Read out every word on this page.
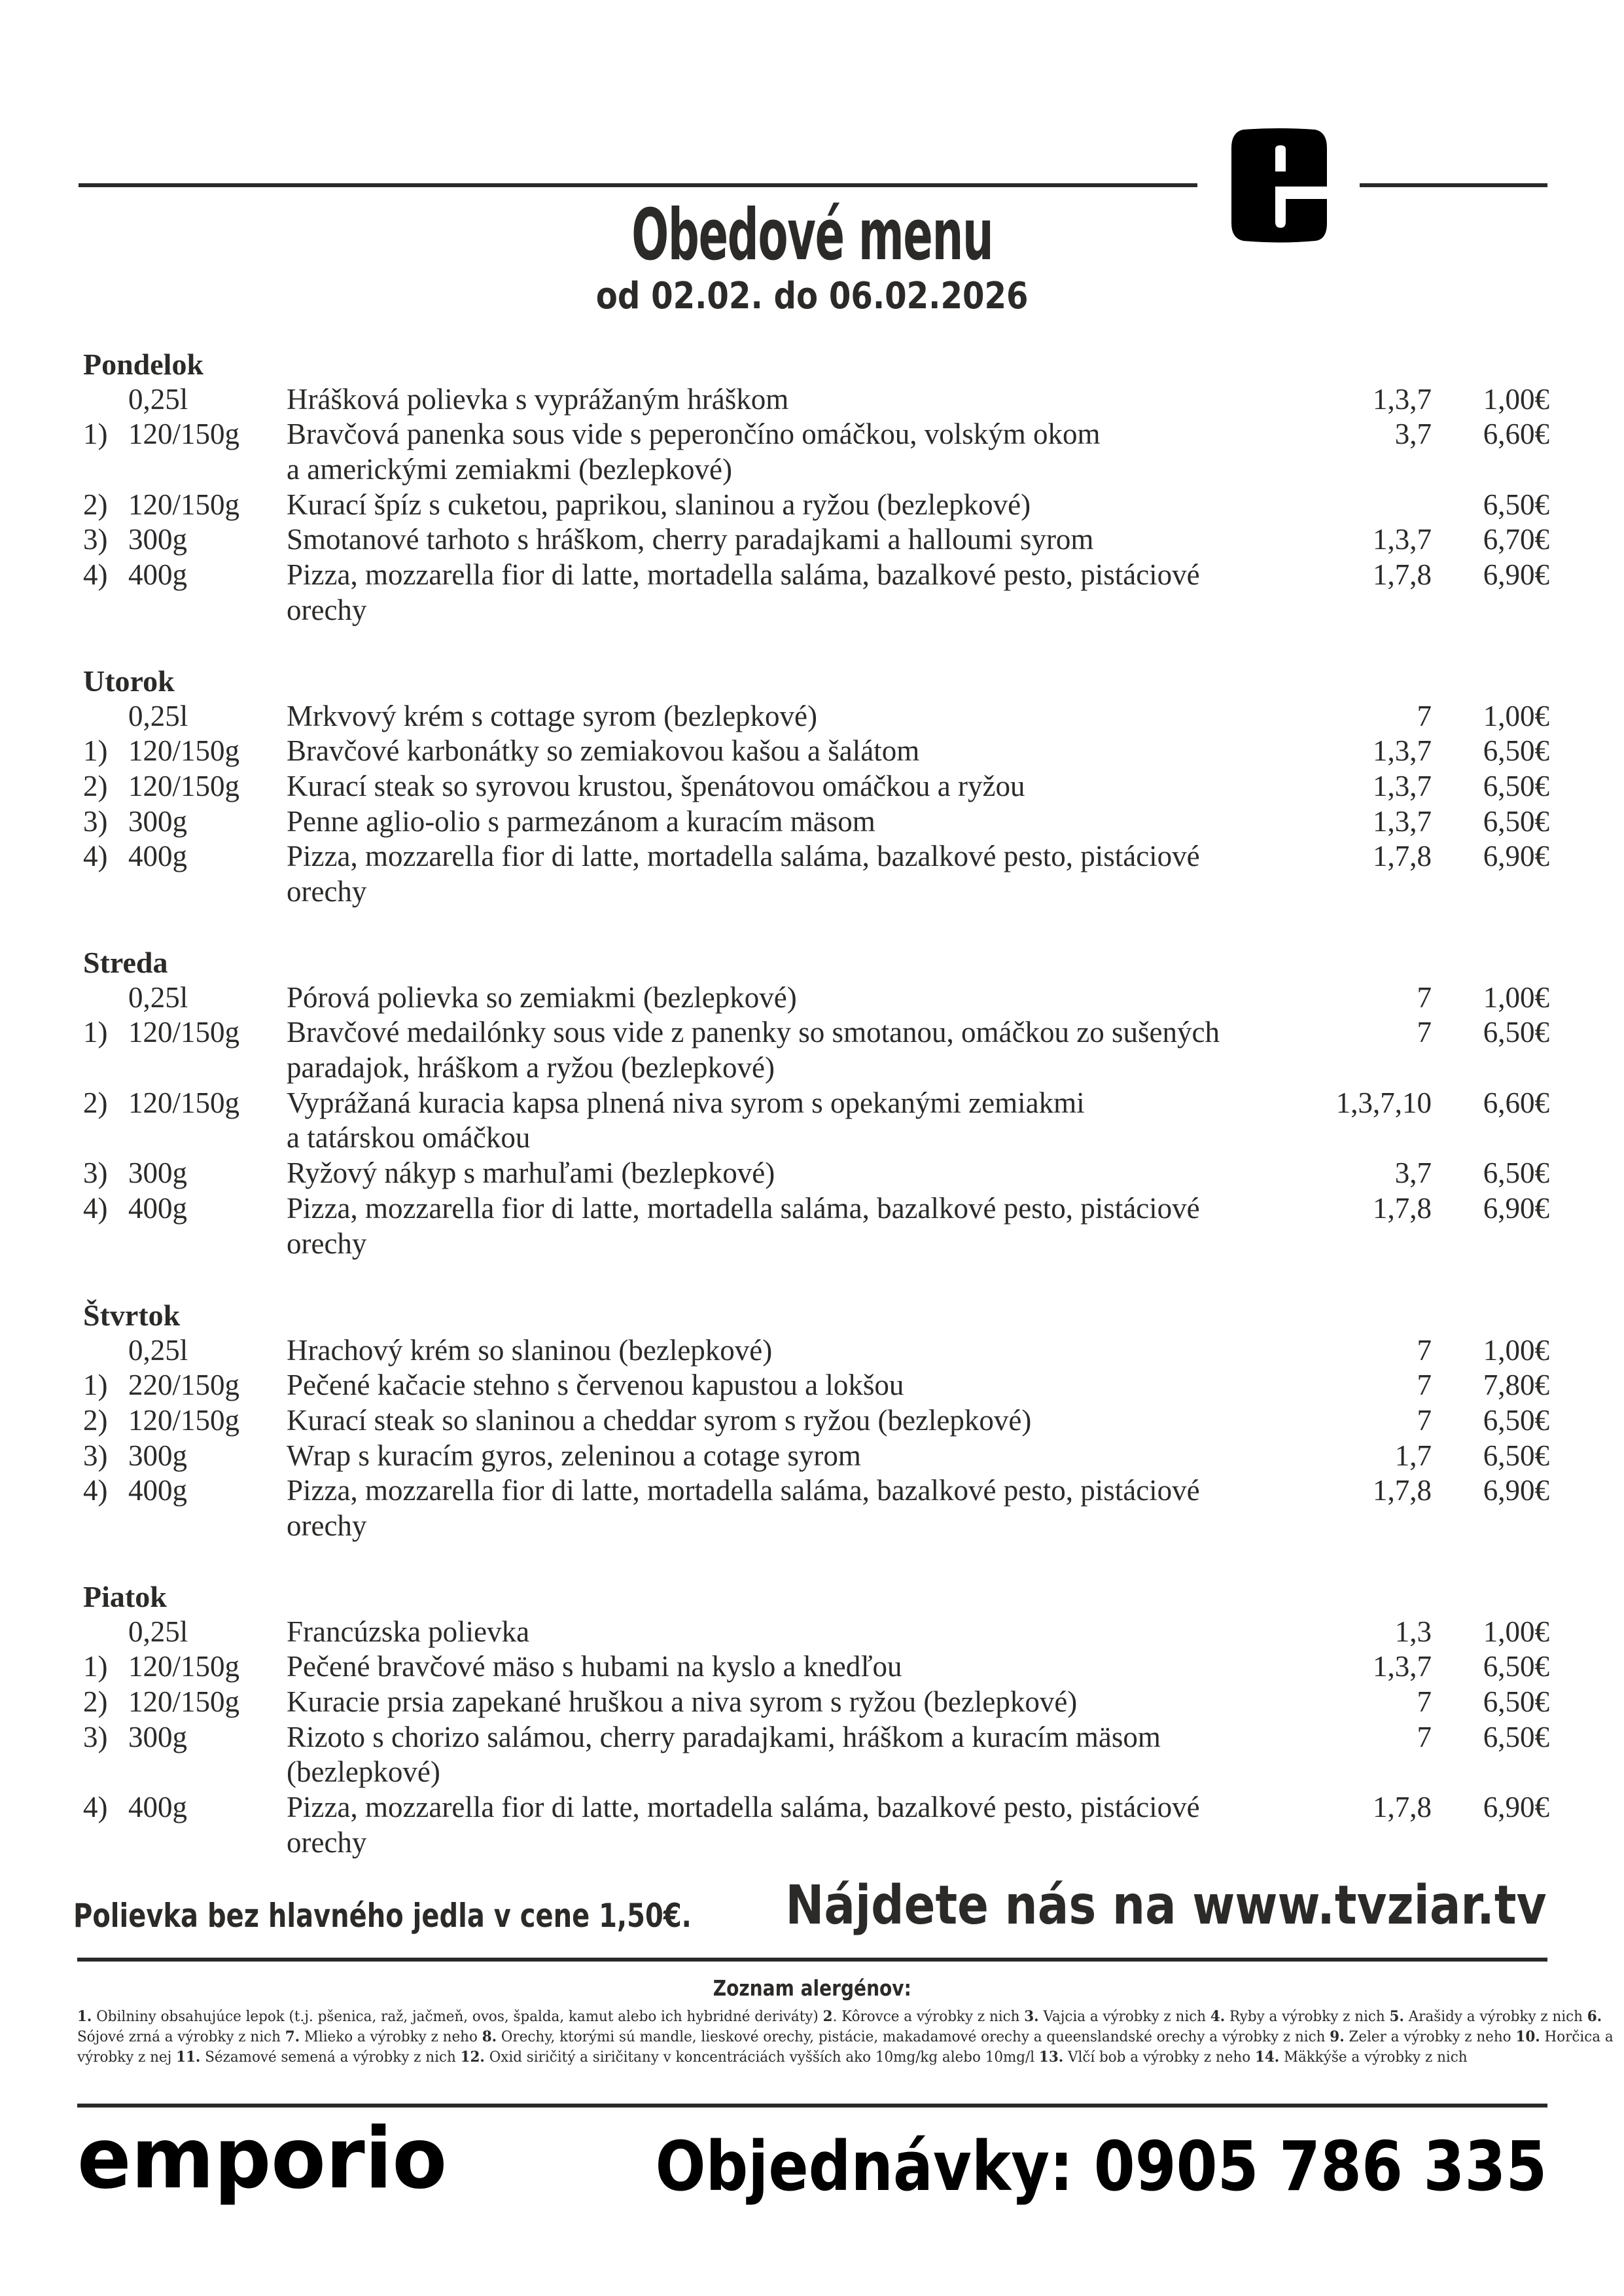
Obedové menu
od 02.02. do 06.02.2026
Pondelok
0,25l	Hrášková polievka s vyprážaným hráškom	1,3,7 1,00€
1) 120/150g Bravčová panenka sous vide s peperončíno omáčkou, volským okom
a americkými zemiakmi (bezlepkové)
3,7 6,60€
2) 120/150g Kurací špíz s cuketou, paprikou, slaninou a ryžou (bezlepkové)	6,50€
3) 300g	Smotanové tarhoto s hráškom, cherry paradajkami a halloumi syrom	1,3,7 6,70€
4) 400g	Pizza, mozzarella fior di latte, mortadella saláma, bazalkové pesto, pistáciové
orechy
1,7,8 6,90€
Utorok
0,25l	Mrkvový krém s cottage syrom (bezlepkové)	7 1,00€
1) 120/150g Bravčové karbonátky so zemiakovou kašou a šalátom	1,3,7 6,50€
2) 120/150g Kurací steak so syrovou krustou, špenátovou omáčkou a ryžou	1,3,7 6,50€
3) 300g	Penne aglio-olio s parmezánom a kuracím mäsom	1,3,7 6,50€
4) 400g	Pizza, mozzarella fior di latte, mortadella saláma, bazalkové pesto, pistáciové
orechy
1,7,8 6,90€
Streda
0,25l	Pórová polievka so zemiakmi (bezlepkové)	7 1,00€
1) 120/150g Bravčové medailónky sous vide z panenky so smotanou, omáčkou zo sušených
paradajok, hráškom a ryžou (bezlepkové)
7 6,50€
2) 120/150g Vyprážaná kuracia kapsa plnená niva syrom s opekanými zemiakmi
a tatárskou omáčkou
1,3,7,10 6,60€
3) 300g	Ryžový nákyp s marhuľami (bezlepkové)	3,7 6,50€
4) 400g	Pizza, mozzarella fior di latte, mortadella saláma, bazalkové pesto, pistáciové
orechy
1,7,8 6,90€
Štvrtok
0,25l	Hrachový krém so slaninou (bezlepkové)	7 1,00€
1) 220/150g Pečené kačacie stehno s červenou kapustou a lokšou	7 7,80€
2) 120/150g Kurací steak so slaninou a cheddar syrom s ryžou (bezlepkové)	7 6,50€
3) 300g	Wrap s kuracím gyros, zeleninou a cotage syrom	1,7 6,50€
4) 400g	Pizza, mozzarella fior di latte, mortadella saláma, bazalkové pesto, pistáciové
orechy
1,7,8 6,90€
Piatok
0,25l	Francúzska polievka	1,3 1,00€
1) 120/150g Pečené bravčové mäso s hubami na kyslo a knedľou	1,3,7 6,50€
2) 120/150g Kuracie prsia zapekané hruškou a niva syrom s ryžou (bezlepkové)	7 6,50€
3) 300g	Rizoto s chorizo salámou, cherry paradajkami, hráškom a kuracím mäsom
(bezlepkové)
7 6,50€
4) 400g	Pizza, mozzarella fior di latte, mortadella saláma, bazalkové pesto, pistáciové
orechy
1,7,8 6,90€
Polievka bez hlavného jedla v cene 1,50€. Nájdete nás na www.tvziar.tv
Zoznam alergénov:
1. Obilniny obsahujúce lepok (t.j. pšenica, raž, jačmeň, ovos, špalda, kamut alebo ich hybridné deriváty) 2. Kôrovce a výrobky z nich 3. Vajcia a výrobky z nich 4. Ryby a výrobky z nich 5. Arašidy a výrobky z nich 6. Sójové zrná a výrobky z nich 7. Mlieko a výrobky z neho 8. Orechy, ktorými sú mandle, lieskové orechy, pistácie, makadamové orechy a queenslandské orechy a výrobky z nich 9. Zeler a výrobky z neho 10. Horčica a výrobky z nej 11. Sézamové semená a výrobky z nich 12. Oxid siričitý a siričitany v koncentráciách vyšších ako 10mg/kg alebo 10mg/l 13. Vlčí bob a výrobky z neho 14. Mäkkýše a výrobky z nich
emporio	Objednávky: 0905 786 335
